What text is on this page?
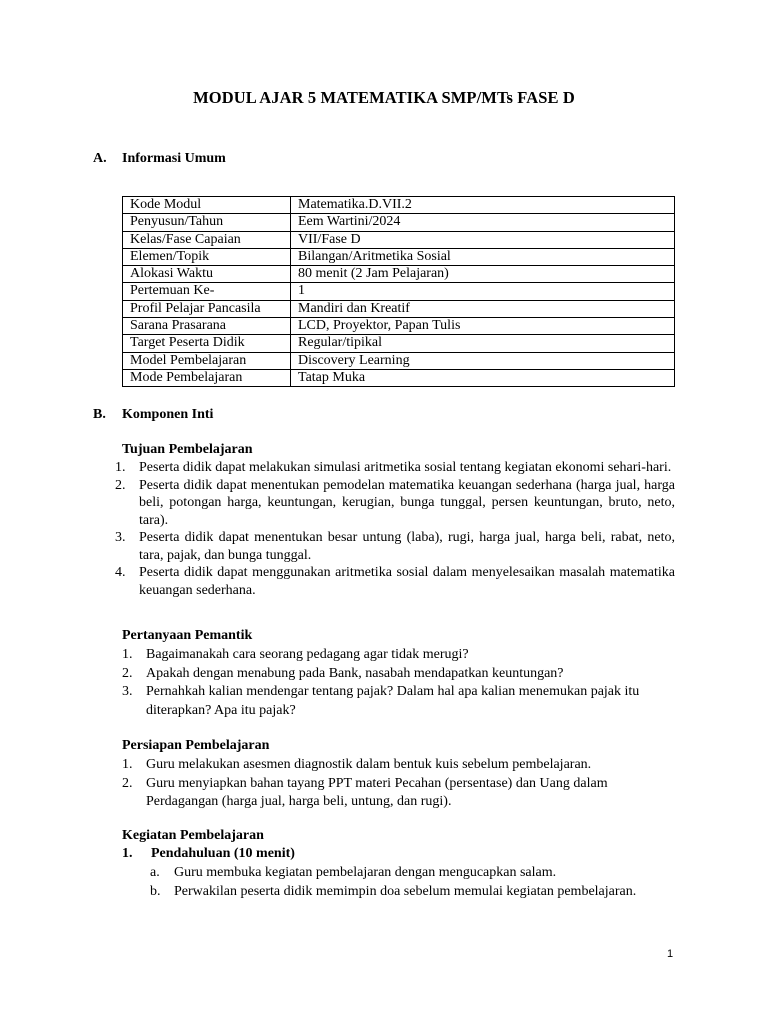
MODUL AJAR 5 MATEMATIKA SMP/MTs FASE D
A. Informasi Umum
Kode Modul	Matematika.D.VII.2
Penyusun/Tahun	Eem Wartini/2024
Kelas/Fase Capaian	VII/Fase D
Elemen/Topik	Bilangan/Aritmetika Sosial
Alokasi Waktu	80 menit (2 Jam Pelajaran)
Pertemuan Ke-	1
Profil Pelajar Pancasila	Mandiri dan Kreatif
Sarana Prasarana	LCD, Proyektor, Papan Tulis
Target Peserta Didik	Regular/tipikal
Model Pembelajaran	Discovery Learning
Mode Pembelajaran	Tatap Muka
B. Komponen Inti
Tujuan Pembelajaran
1. Peserta didik dapat melakukan simulasi aritmetika sosial tentang kegiatan ekonomi sehari-hari.
2. Peserta didik dapat menentukan pemodelan matematika keuangan sederhana (harga jual, harga beli, potongan harga, keuntungan, kerugian, bunga tunggal, persen keuntungan, bruto, neto, tara).
3. Peserta didik dapat menentukan besar untung (laba), rugi, harga jual, harga beli, rabat, neto, tara, pajak, dan bunga tunggal.
4. Peserta didik dapat menggunakan aritmetika sosial dalam menyelesaikan masalah matematika keuangan sederhana.
Pertanyaan Pemantik
1. Bagaimanakah cara seorang pedagang agar tidak merugi?
2. Apakah dengan menabung pada Bank, nasabah mendapatkan keuntungan?
3. Pernahkah kalian mendengar tentang pajak? Dalam hal apa kalian menemukan pajak itu diterapkan? Apa itu pajak?
Persiapan Pembelajaran
1. Guru melakukan asesmen diagnostik dalam bentuk kuis sebelum pembelajaran.
2. Guru menyiapkan bahan tayang PPT materi Pecahan (persentase) dan Uang dalam Perdagangan (harga jual, harga beli, untung, dan rugi).
Kegiatan Pembelajaran
1. Pendahuluan (10 menit)
a. Guru membuka kegiatan pembelajaran dengan mengucapkan salam.
b. Perwakilan peserta didik memimpin doa sebelum memulai kegiatan pembelajaran.
1
